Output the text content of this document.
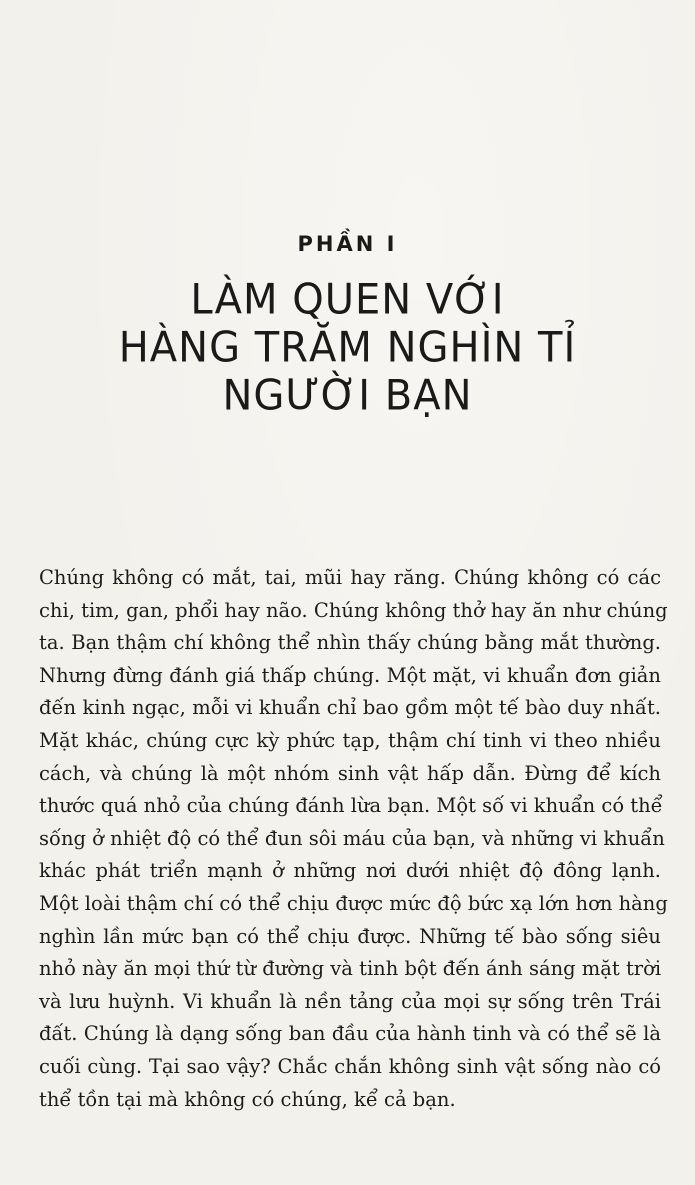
PHẦN I
LÀM QUEN VỚI
HÀNG TRĂM NGHÌN TỈ
NGƯỜI BẠN
Chúng không có mắt, tai, mũi hay răng. Chúng không có các
chi, tim, gan, phổi hay não. Chúng không thở hay ăn như chúng
ta. Bạn thậm chí không thể nhìn thấy chúng bằng mắt thường.
Nhưng đừng đánh giá thấp chúng. Một mặt, vi khuẩn đơn giản
đến kinh ngạc, mỗi vi khuẩn chỉ bao gồm một tế bào duy nhất.
Mặt khác, chúng cực kỳ phức tạp, thậm chí tinh vi theo nhiều
cách, và chúng là một nhóm sinh vật hấp dẫn. Đừng để kích
thước quá nhỏ của chúng đánh lừa bạn. Một số vi khuẩn có thể
sống ở nhiệt độ có thể đun sôi máu của bạn, và những vi khuẩn
khác phát triển mạnh ở những nơi dưới nhiệt độ đông lạnh.
Một loài thậm chí có thể chịu được mức độ bức xạ lớn hơn hàng
nghìn lần mức bạn có thể chịu được. Những tế bào sống siêu
nhỏ này ăn mọi thứ từ đường và tinh bột đến ánh sáng mặt trời
và lưu huỳnh. Vi khuẩn là nền tảng của mọi sự sống trên Trái
đất. Chúng là dạng sống ban đầu của hành tinh và có thể sẽ là
cuối cùng. Tại sao vậy? Chắc chắn không sinh vật sống nào có
thể tồn tại mà không có chúng, kể cả bạn.
